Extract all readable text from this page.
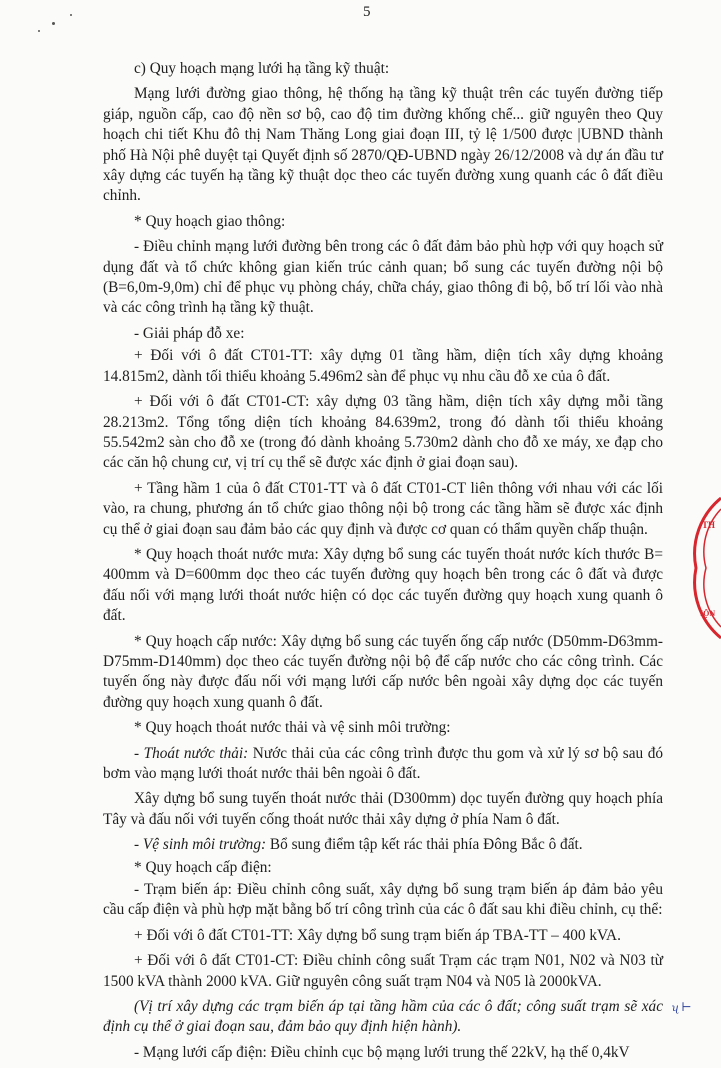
5

c) Quy hoạch mạng lưới hạ tầng kỹ thuật:

Mạng lưới đường giao thông, hệ thống hạ tầng kỹ thuật trên các tuyến đường tiếp giáp, nguồn cấp, cao độ nền sơ bộ, cao độ tim đường khống chế... giữ nguyên theo Quy hoạch chi tiết Khu đô thị Nam Thăng Long giai đoạn III, tỷ lệ 1/500 được |UBND thành phố Hà Nội phê duyệt tại Quyết định số 2870/QĐ-UBND ngày 26/12/2008 và dự án đầu tư xây dựng các tuyến hạ tầng kỹ thuật dọc theo các tuyến đường xung quanh các ô đất điều chỉnh.

* Quy hoạch giao thông:

- Điều chỉnh mạng lưới đường bên trong các ô đất đảm bảo phù hợp với quy hoạch sử dụng đất và tổ chức không gian kiến trúc cảnh quan; bổ sung các tuyến đường nội bộ (B=6,0m-9,0m) chỉ để phục vụ phòng cháy, chữa cháy, giao thông đi bộ, bố trí lối vào nhà và các công trình hạ tầng kỹ thuật.

- Giải pháp đỗ xe:

+ Đối với ô đất CT01-TT: xây dựng 01 tầng hầm, diện tích xây dựng khoảng 14.815m2, dành tối thiểu khoảng 5.496m2 sàn để phục vụ nhu cầu đỗ xe của ô đất.

+ Đối với ô đất CT01-CT: xây dựng 03 tầng hầm, diện tích xây dựng mỗi tầng 28.213m2. Tổng tổng diện tích khoảng 84.639m2, trong đó dành tối thiểu khoảng 55.542m2 sàn cho đỗ xe (trong đó dành khoảng 5.730m2 dành cho đỗ xe máy, xe đạp cho các căn hộ chung cư, vị trí cụ thể sẽ được xác định ở giai đoạn sau).

+ Tầng hầm 1 của ô đất CT01-TT và ô đất CT01-CT liên thông với nhau với các lối vào, ra chung, phương án tổ chức giao thông nội bộ trong các tầng hầm sẽ được xác định cụ thể ở giai đoạn sau đảm bảo các quy định và được cơ quan có thẩm quyền chấp thuận.

* Quy hoạch thoát nước mưa: Xây dựng bổ sung các tuyến thoát nước kích thước B= 400mm và D=600mm dọc theo các tuyến đường quy hoạch bên trong các ô đất và được đấu nối với mạng lưới thoát nước hiện có dọc các tuyến đường quy hoạch xung quanh ô đất.

* Quy hoạch cấp nước: Xây dựng bổ sung các tuyến ống cấp nước (D50mm-D63mm-D75mm-D140mm) dọc theo các tuyến đường nội bộ để cấp nước cho các công trình. Các tuyến ống này được đấu nối với mạng lưới cấp nước bên ngoài xây dựng dọc các tuyến đường quy hoạch xung quanh ô đất.

* Quy hoạch thoát nước thải và vệ sinh môi trường:

- Thoát nước thải: Nước thải của các công trình được thu gom và xử lý sơ bộ sau đó bơm vào mạng lưới thoát nước thải bên ngoài ô đất.

Xây dựng bổ sung tuyến thoát nước thải (D300mm) dọc tuyến đường quy hoạch phía Tây và đấu nối với tuyến cống thoát nước thải xây dựng ở phía Nam ô đất.

- Vệ sinh môi trường: Bổ sung điểm tập kết rác thải phía Đông Bắc ô đất.

* Quy hoạch cấp điện:

- Trạm biến áp: Điều chỉnh công suất, xây dựng bổ sung trạm biến áp đảm bảo yêu cầu cấp điện và phù hợp mặt bằng bố trí công trình của các ô đất sau khi điều chỉnh, cụ thể:

+ Đối với ô đất CT01-TT: Xây dựng bổ sung trạm biến áp TBA-TT – 400 kVA.

+ Đối với ô đất CT01-CT: Điều chỉnh công suất Trạm các trạm N01, N02 và N03 từ 1500 kVA thành 2000 kVA. Giữ nguyên công suất trạm N04 và N05 là 2000kVA.

(Vị trí xây dựng các trạm biến áp tại tầng hầm của các ô đất; công suất trạm sẽ xác định cụ thể ở giai đoạn sau, đảm bảo quy định hiện hành).

- Mạng lưới cấp điện: Điều chỉnh cục bộ mạng lưới trung thế 22kV, hạ thế 0,4kV

TH
IỘN
ʯ ⊢
